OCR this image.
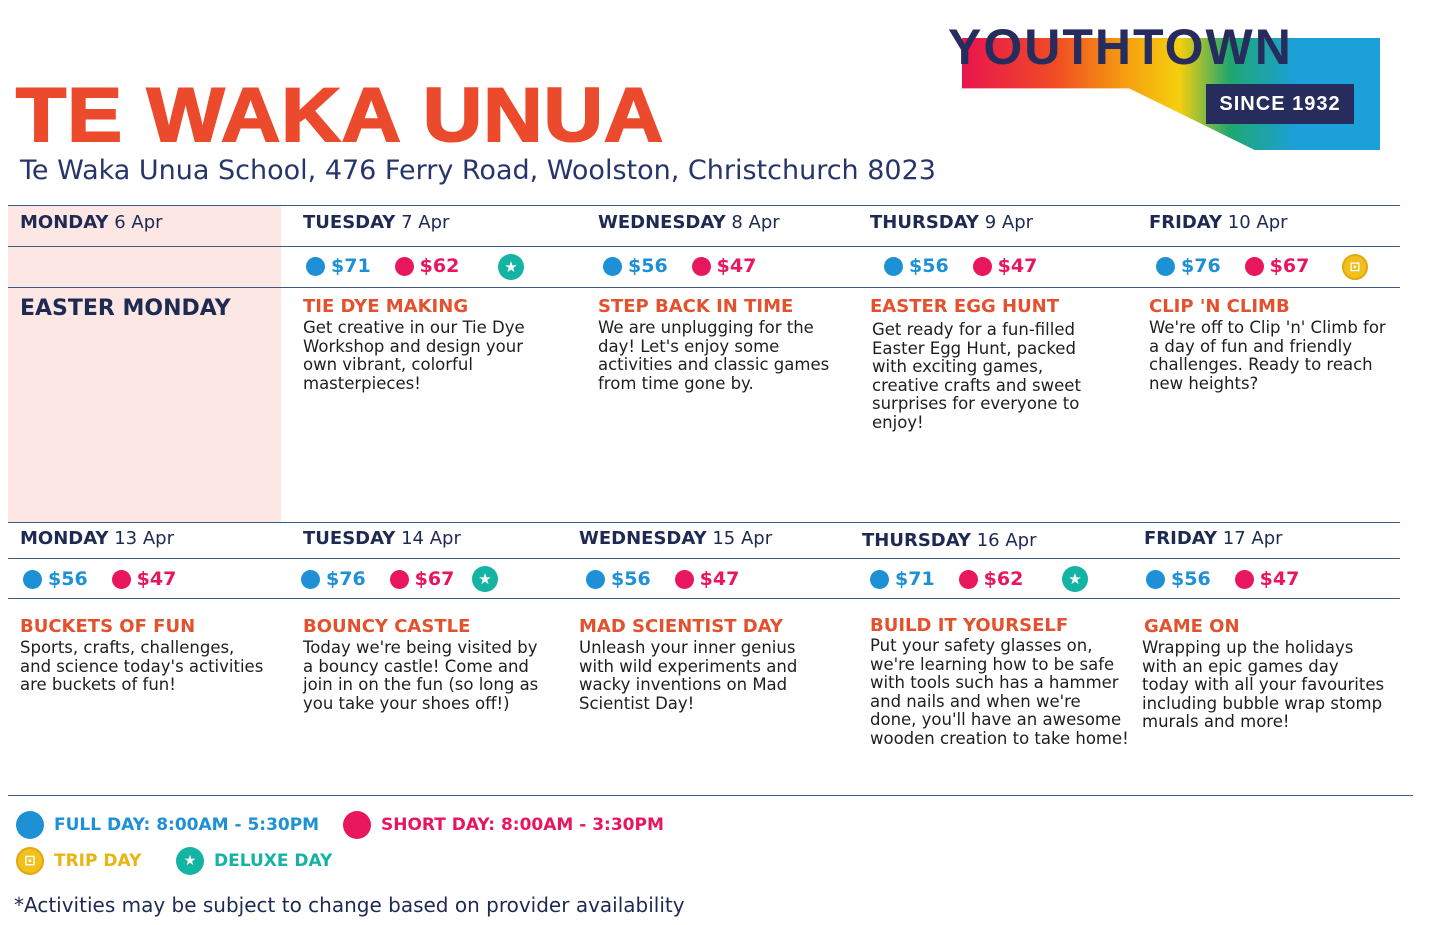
TE WAKA UNUA
Te Waka Unua School, 476 Ferry Road, Woolston, Christchurch 8023
YOUTHTOWN
SINCE 1932
MONDAY 6 Apr
EASTER MONDAY
TUESDAY 7 Apr
$71	$62	★
TIE DYE MAKING
Get creative in our Tie Dye Workshop and design your own vibrant, colorful masterpieces!
WEDNESDAY 8 Apr
$56	$47
STEP BACK IN TIME
We are unplugging for the day! Let's enjoy some activities and classic games from time gone by.
THURSDAY 9 Apr
$56	$47
EASTER EGG HUNT
Get ready for a fun-filled Easter Egg Hunt, packed with exciting games, creative crafts and sweet surprises for everyone to enjoy!
FRIDAY 10 Apr
$76	$67	⊡
CLIP 'N CLIMB
We're off to Clip 'n' Climb for a day of fun and friendly challenges. Ready to reach new heights?
MONDAY 13 Apr
$56	$47
BUCKETS OF FUN
Sports, crafts, challenges, and science today's activities are buckets of fun!
TUESDAY 14 Apr
$76	$67	★
BOUNCY CASTLE
Today we're being visited by a bouncy castle! Come and join in on the fun (so long as you take your shoes off!)
WEDNESDAY 15 Apr
$56	$47
MAD SCIENTIST DAY
Unleash your inner genius with wild experiments and wacky inventions on Mad Scientist Day!
THURSDAY 16 Apr
$71	$62	★
BUILD IT YOURSELF
Put your safety glasses on, we're learning how to be safe with tools such has a hammer and nails and when we're done, you'll have an awesome wooden creation to take home!
FRIDAY 17 Apr
$56	$47
GAME ON
Wrapping up the holidays with an epic games day today with all your favourites including bubble wrap stomp murals and more!
FULL DAY: 8:00AM - 5:30PM	SHORT DAY: 8:00AM - 3:30PM
⊡	TRIP DAY	★	DELUXE DAY
*Activities may be subject to change based on provider availability
